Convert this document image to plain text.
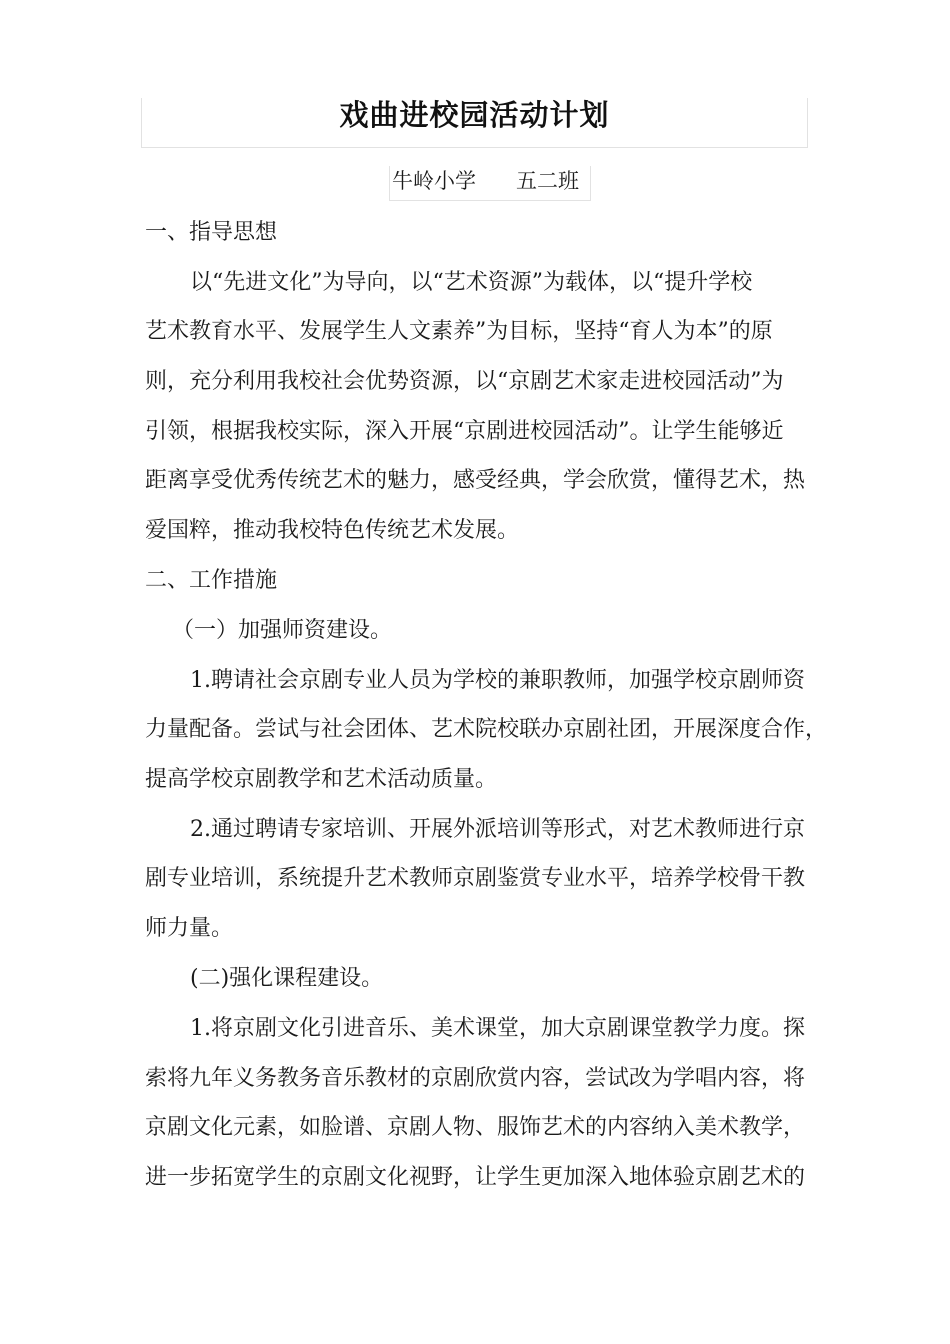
戏曲进校园活动计划
牛岭小学      五二班
一、指导思想
以“先进文化”为导向，以“艺术资源”为载体，以“提升学校
艺术教育水平、发展学生人文素养”为目标，坚持“育人为本”的原
则，充分利用我校社会优势资源，以“京剧艺术家走进校园活动”为
引领，根据我校实际，深入开展“京剧进校园活动”。让学生能够近
距离享受优秀传统艺术的魅力，感受经典，学会欣赏，懂得艺术，热
爱国粹，推动我校特色传统艺术发展。
二、工作措施
（一）加强师资建设。
1.聘请社会京剧专业人员为学校的兼职教师，加强学校京剧师资
力量配备。尝试与社会团体、艺术院校联办京剧社团，开展深度合作，
提高学校京剧教学和艺术活动质量。
2.通过聘请专家培训、开展外派培训等形式，对艺术教师进行京
剧专业培训，系统提升艺术教师京剧鉴赏专业水平，培养学校骨干教
师力量。
(二)强化课程建设。
1.将京剧文化引进音乐、美术课堂，加大京剧课堂教学力度。探
索将九年义务教务音乐教材的京剧欣赏内容，尝试改为学唱内容，将
京剧文化元素，如脸谱、京剧人物、服饰艺术的内容纳入美术教学，
进一步拓宽学生的京剧文化视野，让学生更加深入地体验京剧艺术的
